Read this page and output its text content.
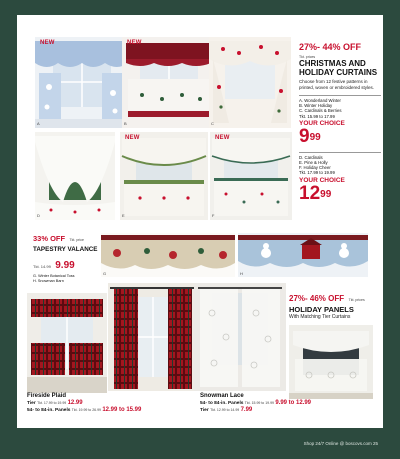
NEW
A
NEW
B	C
27%- 44% OFF
Tkt. prices
CHRISTMAS AND HOLIDAY CURTAINS
Choose from 12 festive patterns in printed, woven or embroidered styles.
A. Wonderland Winter
B. Winter Holiday
C. Cardinals & Berries
Tkt. 15.99 to 17.99
YOUR CHOICE
$9^{99}$
D. Cardinals
E. Pine & Holly
F. Holiday Cheer
Tkt. 17.99 to 19.99
YOUR CHOICE
$12^{99}$
D
NEW
E
NEW
F
33% OFF Tkt. price
TAPESTRY VALANCE
Tkt. 14.99 9.99
G. Winter Botanical Toss
H. Snowman Barn
G	H
27%- 46% OFF Tkt. prices
HOLIDAY PANELS
With Matching Tier Curtains
Fireside Plaid
Tier Tkt. 17.99 to 19.99 12.99
54- to 84-in. Panels Tkt. 19.99 to 26.99 12.99 to 15.99
Snowman Lace
54- to 84-in. Panels Tkt. 15.99 to 19.99 9.99 to 12.99
Tier Tkt. 12.99 to 14.99 7.99
Shop 24/7 Online @ boscovs.com 25
